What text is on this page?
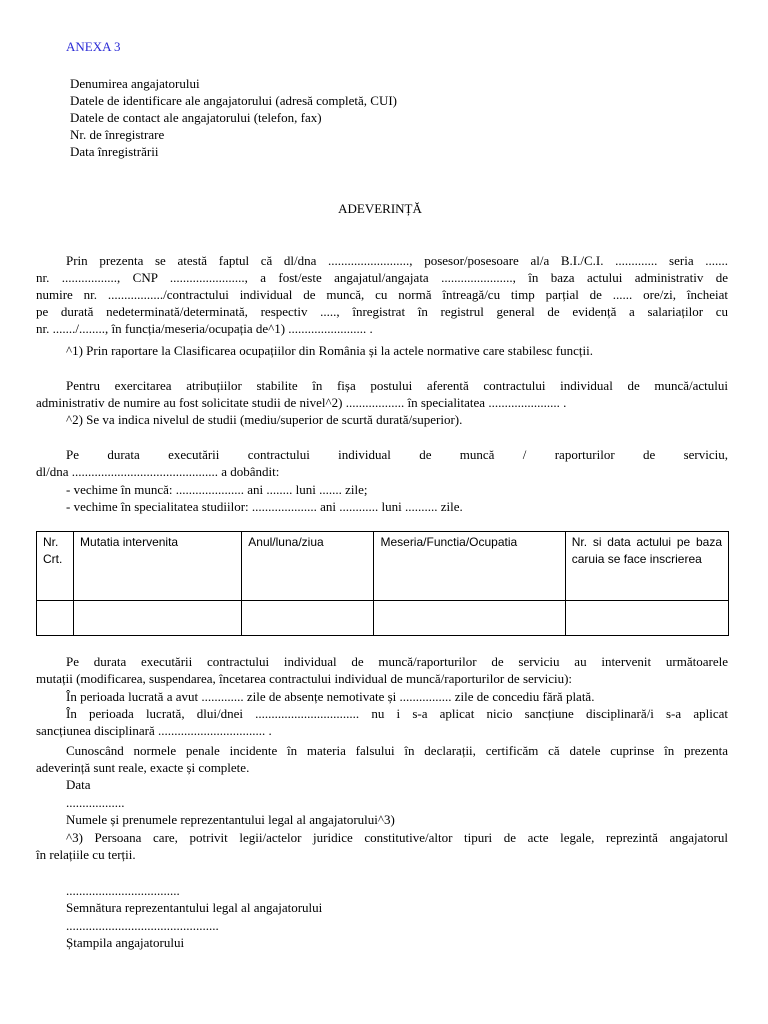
ANEXA 3
Denumirea angajatorului
Datele de identificare ale angajatorului (adresă completă, CUI)
Datele de contact ale angajatorului (telefon, fax)
Nr. de înregistrare
Data înregistrării
ADEVERINȚĂ
Prin prezenta se atestă faptul că dl/dna ........................., posesor/posesoare al/a B.I./C.I. ............. seria .......
nr. ................., CNP ......................., a fost/este angajatul/angajata ......................, în baza actului administrativ de
numire nr. ................./contractului individual de muncă, cu normă întreagă/cu timp parțial de ...... ore/zi, încheiat
pe durată nedeterminată/determinată, respectiv ....., înregistrat în registrul general de evidență a salariaților cu
nr. ......./........, în funcția/meseria/ocupația de^1) ........................ .
^1) Prin raportare la Clasificarea ocupațiilor din România și la actele normative care stabilesc funcții.
Pentru exercitarea atribuțiilor stabilite în fișa postului aferentă contractului individual de muncă/actului
administrativ de numire au fost solicitate studii de nivel^2) .................. în specialitatea ...................... .
^2) Se va indica nivelul de studii (mediu/superior de scurtă durată/superior).
Pe durata executării contractului individual de muncă / raporturilor de serviciu,
dl/dna ............................................. a dobândit:
- vechime în muncă: ..................... ani ........ luni ....... zile;
- vechime în specialitatea studiilor: .................... ani ............ luni .......... zile.
Nr. Crt.	Mutatia intervenita	Anul/luna/ziua	Meseria/Functia/Ocupatia	Nr. si data actului pe baza caruia se face inscrierea

Pe durata executării contractului individual de muncă/raporturilor de serviciu au intervenit următoarele
mutații (modificarea, suspendarea, încetarea contractului individual de muncă/raporturilor de serviciu):
În perioada lucrată a avut ............. zile de absențe nemotivate și ................ zile de concediu fără plată.
În perioada lucrată, dlui/dnei ................................ nu i s-a aplicat nicio sancțiune disciplinară/i s-a aplicat
sancțiunea disciplinară ................................. .
Cunoscând normele penale incidente în materia falsului în declarații, certificăm că datele cuprinse în prezenta
adeverință sunt reale, exacte și complete.
Data
..................
Numele și prenumele reprezentantului legal al angajatorului^3)
^3) Persoana care, potrivit legii/actelor juridice constitutive/altor tipuri de acte legale, reprezintă angajatorul
în relațiile cu terții.
...................................
Semnătura reprezentantului legal al angajatorului
...............................................
Ștampila angajatorului
